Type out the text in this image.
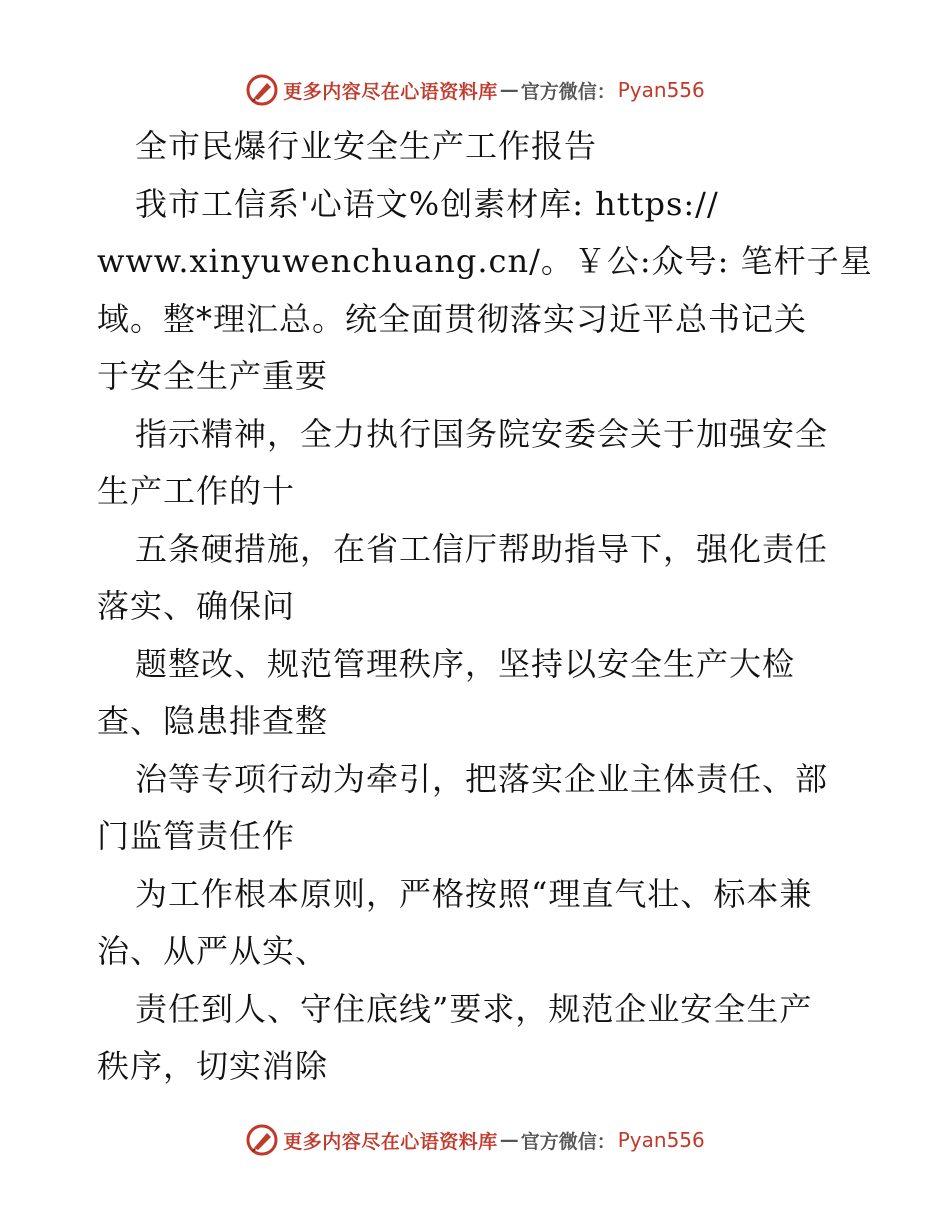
更多内容尽在心语资料库 — 官方微信： Pyan556
全市民爆行业安全生产工作报告
我市工信系'心语文%创素材库: https://
www.xinyuwenchuang.cn/。￥公:众号: 笔杆子星
域。整*理汇总。统全面贯彻落实习近平总书记关
于安全生产重要
指示精神，全力执行国务院安委会关于加强安全
生产工作的十
五条硬措施，在省工信厅帮助指导下，强化责任
落实、确保问
题整改、规范管理秩序，坚持以安全生产大检
查、隐患排查整
治等专项行动为牵引，把落实企业主体责任、部
门监管责任作
为工作根本原则，严格按照“理直气壮、标本兼
治、从严从实、
责任到人、守住底线”要求，规范企业安全生产
秩序，切实消除
更多内容尽在心语资料库 — 官方微信： Pyan556
